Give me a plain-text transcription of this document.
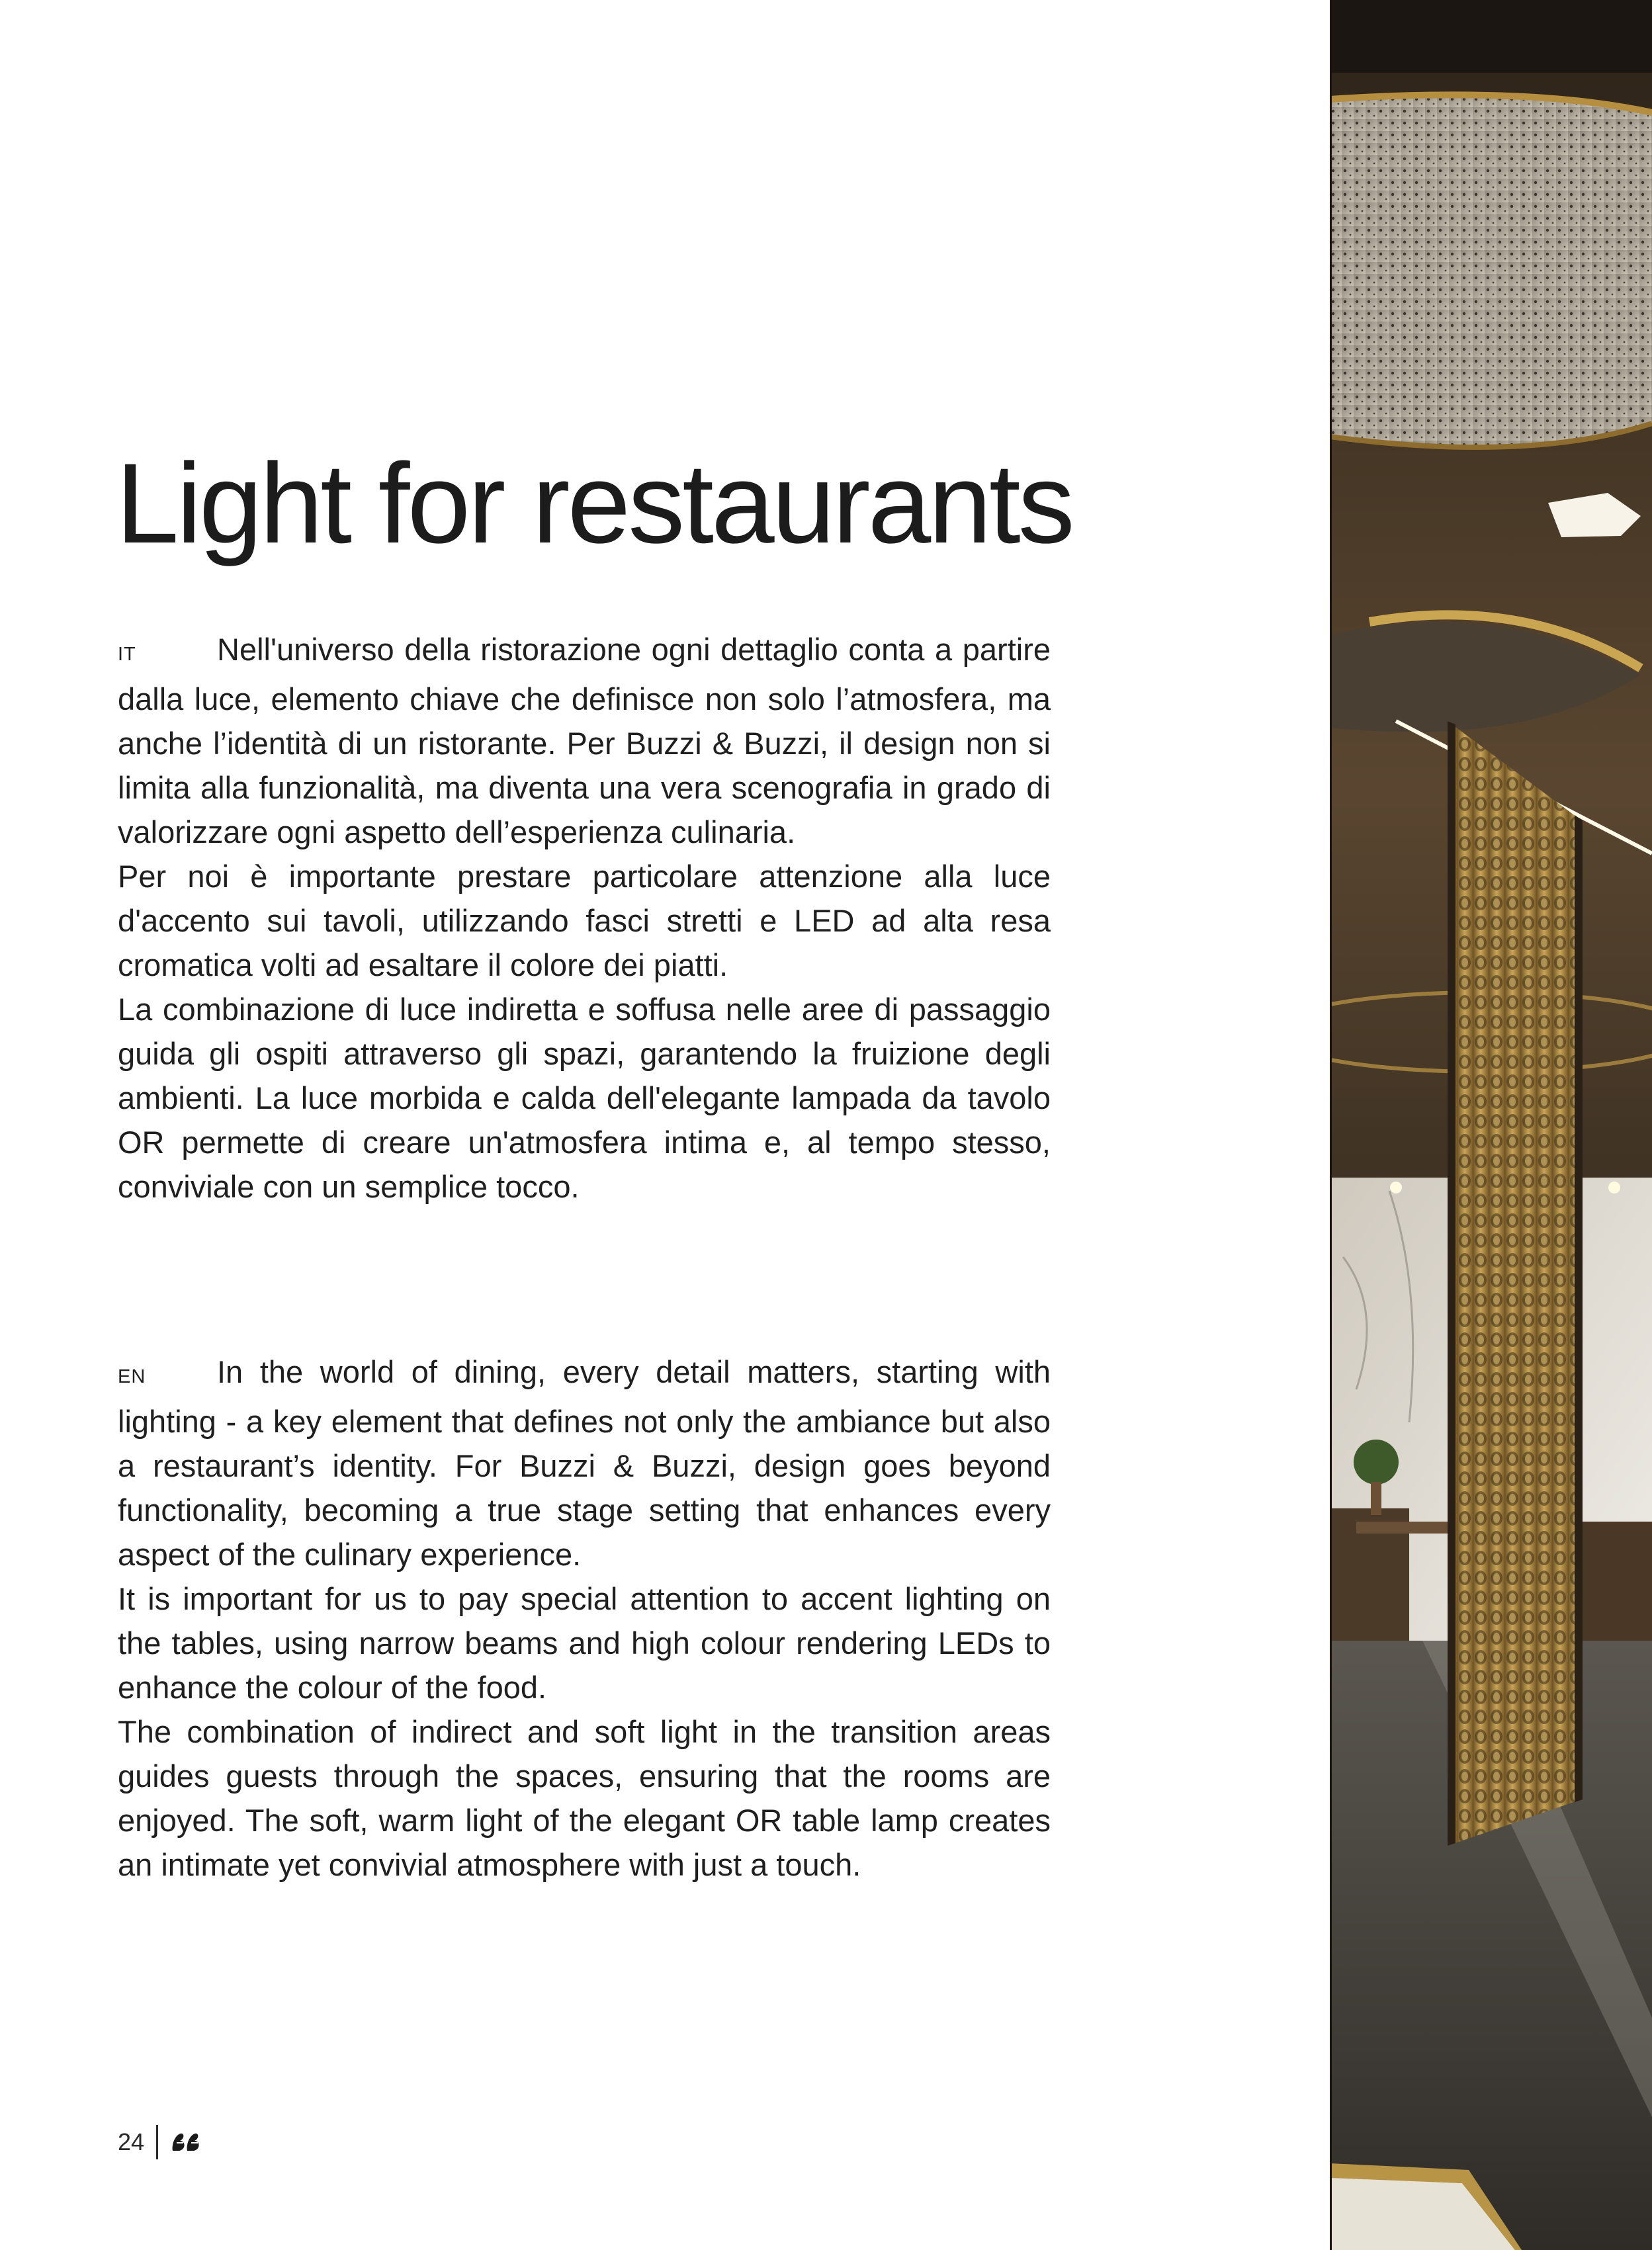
Light for restaurants

IT	Nell'universo della ristorazione ogni dettaglio conta a partire dalla luce, elemento chiave che definisce non solo l’atmosfera, ma anche l’identità di un ristorante. Per Buzzi & Buzzi, il design non si limita alla funzionalità, ma diventa una vera scenografia in grado di valorizzare ogni aspetto dell’esperienza culinaria.

Per noi è importante prestare particolare attenzione alla luce d'accento sui tavoli, utilizzando fasci stretti e LED ad alta resa cromatica volti ad esaltare il colore dei piatti.

La combinazione di luce indiretta e soffusa nelle aree di passaggio guida gli ospiti attraverso gli spazi, garantendo la fruizione degli ambienti. La luce morbida e calda dell'elegante lampada da tavolo OR permette di creare un'atmosfera intima e, al tempo stesso, conviviale con un semplice tocco.

EN In the world of dining, every detail matters, starting with lighting - a key element that defines not only the ambiance but also a restaurant’s identity. For Buzzi & Buzzi, design goes beyond functionality, becoming a true stage setting that enhances every aspect of the culinary experience.

It is important for us to pay special attention to accent lighting on the tables, using narrow beams and high colour rendering LEDs to enhance the colour of the food.

The combination of indirect and soft light in the transition areas guides guests through the spaces, ensuring that the rooms are enjoyed. The soft, warm light of the elegant OR table lamp creates an intimate yet convivial atmosphere with just a touch.

24
